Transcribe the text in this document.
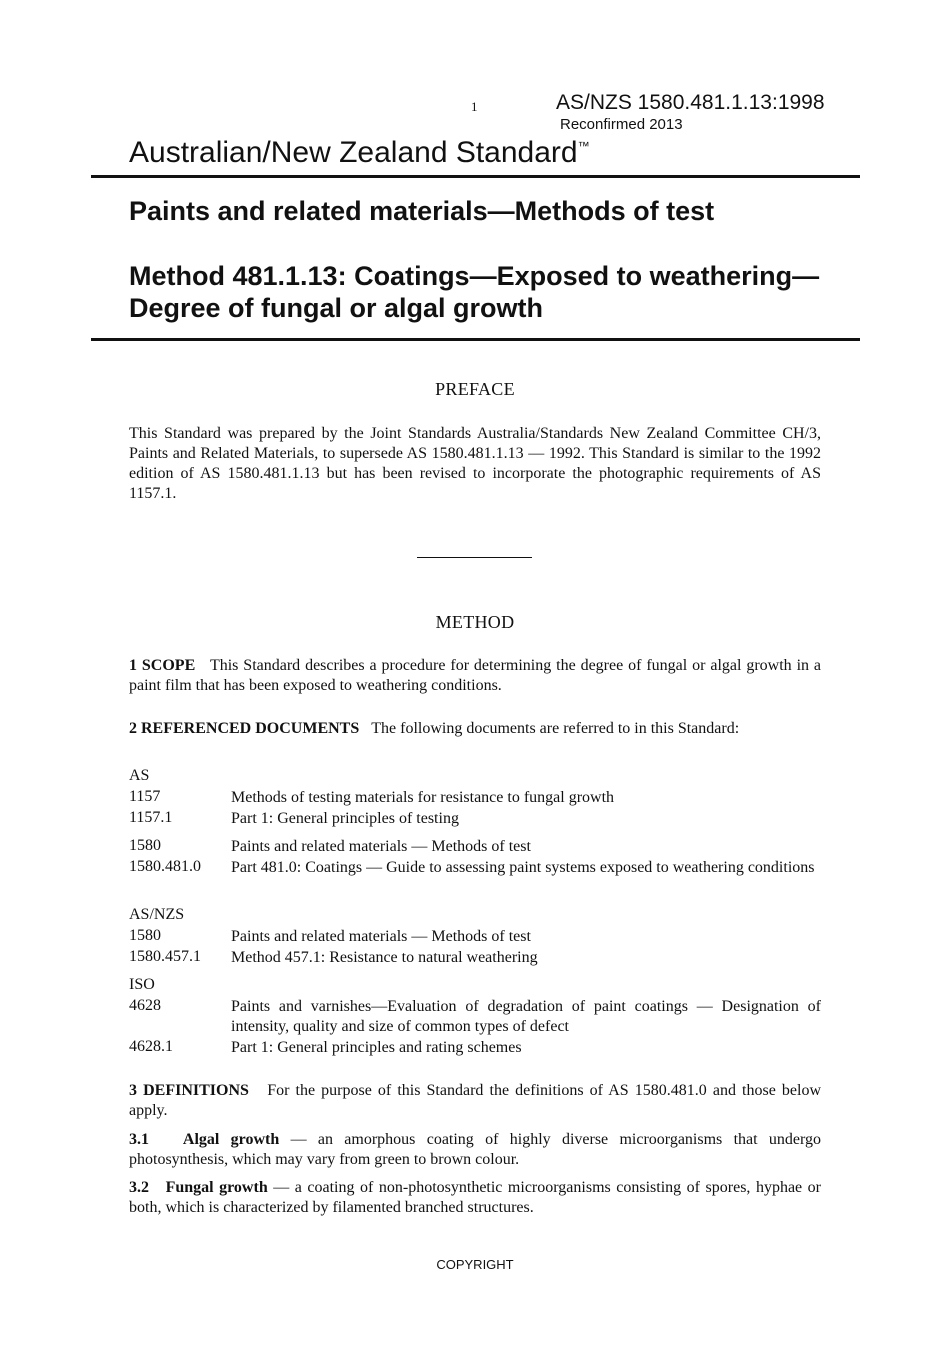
1	AS/NZS 1580.481.1.13:1998
Reconfirmed 2013
Australian/New Zealand Standard™
Paints and related materials—Methods of test
Method 481.1.13: Coatings—Exposed to weathering—Degree of fungal or algal growth
PREFACE
This Standard was prepared by the Joint Standards Australia/Standards New Zealand Committee CH/3, Paints and Related Materials, to supersede AS 1580.481.1.13 — 1992. This Standard is similar to the 1992 edition of AS 1580.481.1.13 but has been revised to incorporate the photographic requirements of AS 1157.1.
METHOD
1 SCOPE This Standard describes a procedure for determining the degree of fungal or algal growth in a paint film that has been exposed to weathering conditions.
2 REFERENCED DOCUMENTS The following documents are referred to in this Standard:
AS
1157	Methods of testing materials for resistance to fungal growth
1157.1	Part 1: General principles of testing
1580	Paints and related materials — Methods of test
1580.481.0 Part 481.0: Coatings — Guide to assessing paint systems exposed to weathering conditions
AS/NZS
1580	Paints and related materials — Methods of test
1580.457.1 Method 457.1: Resistance to natural weathering
ISO
4628	Paints and varnishes—Evaluation of degradation of paint coatings — Designation of intensity, quality and size of common types of defect
4628.1	Part 1: General principles and rating schemes
3 DEFINITIONS For the purpose of this Standard the definitions of AS 1580.481.0 and those below apply.
3.1 Algal growth — an amorphous coating of highly diverse microorganisms that undergo photosynthesis, which may vary from green to brown colour.
3.2 Fungal growth — a coating of non-photosynthetic microorganisms consisting of spores, hyphae or both, which is characterized by filamented branched structures.
COPYRIGHT
